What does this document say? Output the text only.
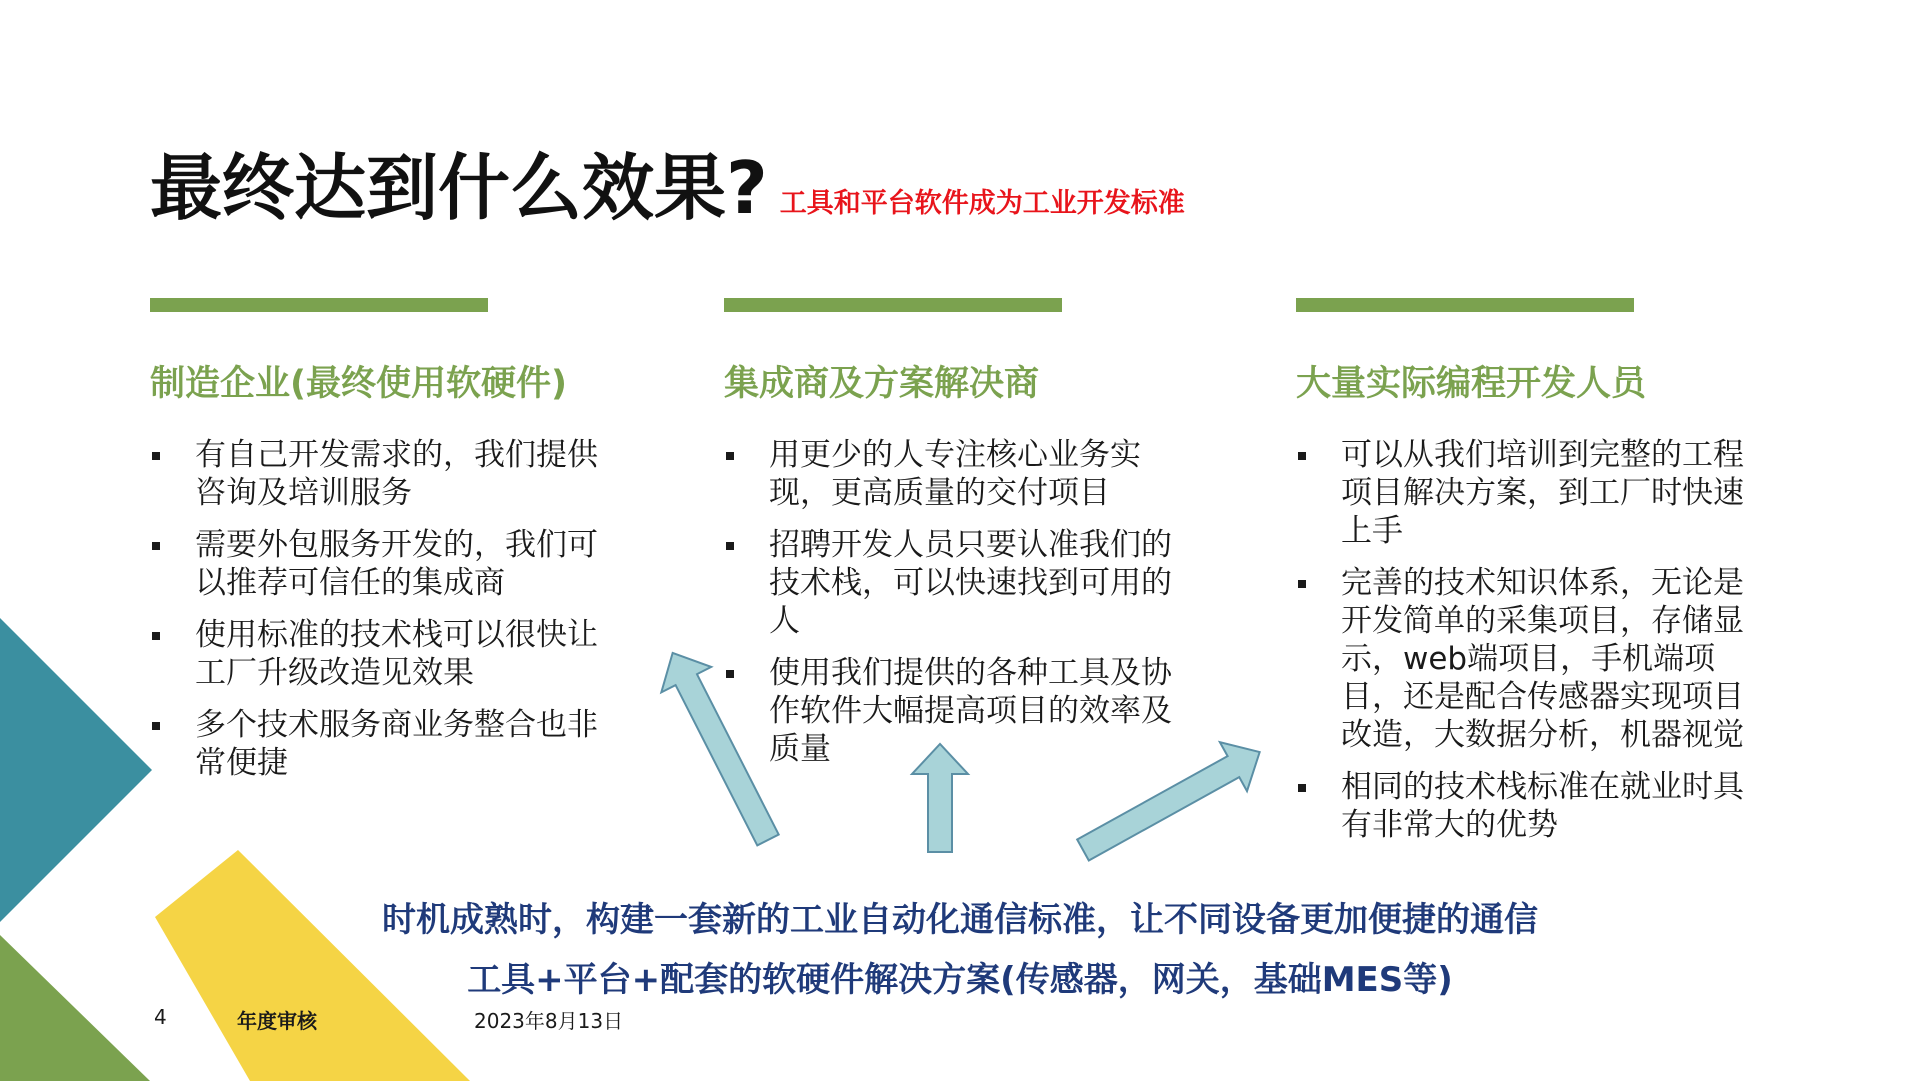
最终达到什么效果? 工具和平台软件成为工业开发标准
制造企业(最终使用软硬件)
有自己开发需求的，我们提供咨询及培训服务
需要外包服务开发的，我们可以推荐可信任的集成商
使用标准的技术栈可以很快让工厂升级改造见效果
多个技术服务商业务整合也非常便捷
集成商及方案解决商
用更少的人专注核心业务实现，更高质量的交付项目
招聘开发人员只要认准我们的技术栈，可以快速找到可用的人
使用我们提供的各种工具及协作软件大幅提高项目的效率及质量
大量实际编程开发人员
可以从我们培训到完整的工程项目解决方案，到工厂时快速上手
完善的技术知识体系，无论是开发简单的采集项目，存储显示，web端项目，手机端项目，还是配合传感器实现项目改造，大数据分析，机器视觉
相同的技术栈标准在就业时具有非常大的优势
时机成熟时，构建一套新的工业自动化通信标准，让不同设备更加便捷的通信
工具+平台+配套的软硬件解决方案(传感器，网关，基础MES等)
4	年度审核	2023年8月13日
